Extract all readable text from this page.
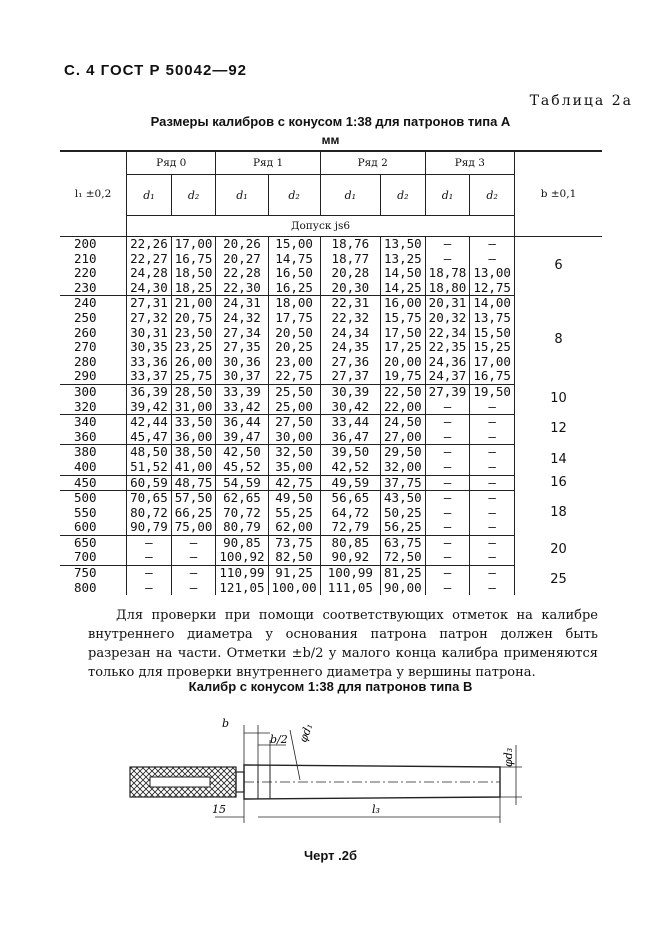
С. 4 ГОСТ Р 50042—92
Таблица 2а
Размеры калибров с конусом 1:38 для патронов типа А
мм
l₁ ±0,2	Ряд 0		Ряд 1		Ряд 2		Ряд 3		b ±0,1
	d₁	d₂	d₁	d₂	d₁	d₂	d₁	d₂	
	Допуск js6								
200	22,26	17,00	20,26	15,00	18,76	13,50	—	—	6
210	22,27	16,75	20,27	14,75	18,77	13,25	—	—	
220	24,28	18,50	22,28	16,50	20,28	14,50	18,78	13,00	
230	24,30	18,25	22,30	16,25	20,30	14,25	18,80	12,75	
240	27,31	21,00	24,31	18,00	22,31	16,00	20,31	14,00	8
250	27,32	20,75	24,32	17,75	22,32	15,75	20,32	13,75	
260	30,31	23,50	27,34	20,50	24,34	17,50	22,34	15,50	
270	30,35	23,25	27,35	20,25	24,35	17,25	22,35	15,25	
280	33,36	26,00	30,36	23,00	27,36	20,00	24,36	17,00	
290	33,37	25,75	30,37	22,75	27,37	19,75	24,37	16,75	
300	36,39	28,50	33,39	25,50	30,39	22,50	27,39	19,50	10
320	39,42	31,00	33,42	25,00	30,42	22,00	—	—	
340	42,44	33,50	36,44	27,50	33,44	24,50	—	—	12
360	45,47	36,00	39,47	30,00	36,47	27,00	—	—	
380	48,50	38,50	42,50	32,50	39,50	29,50	—	—	14
400	51,52	41,00	45,52	35,00	42,52	32,00	—	—	
450	60,59	48,75	54,59	42,75	49,59	37,75	—	—	16
500	70,65	57,50	62,65	49,50	56,65	43,50	—	—	18
550	80,72	66,25	70,72	55,25	64,72	50,25	—	—	
600	90,79	75,00	80,79	62,00	72,79	56,25	—	—	
650	—	—	90,85	73,75	80,85	63,75	—	—	20
700	—	—	100,92	82,50	90,92	72,50	—	—	
750	—	—	110,99	91,25	100,99	81,25	—	—	25
800	—	—	121,05	100,00	111,05	90,00	—	—	

Для проверки при помощи соответствующих отметок на калибре внутреннего диаметра у основания патрона патрон должен быть разрезан на части. Отметки ±b/2 у малого конца калибра применяются только для проверки внутреннего диаметра у вершины патрона.

Калибр с конусом 1:38 для патронов типа В
b
b/2 φd₁
φd₃
15	l₃
Черт .2б
